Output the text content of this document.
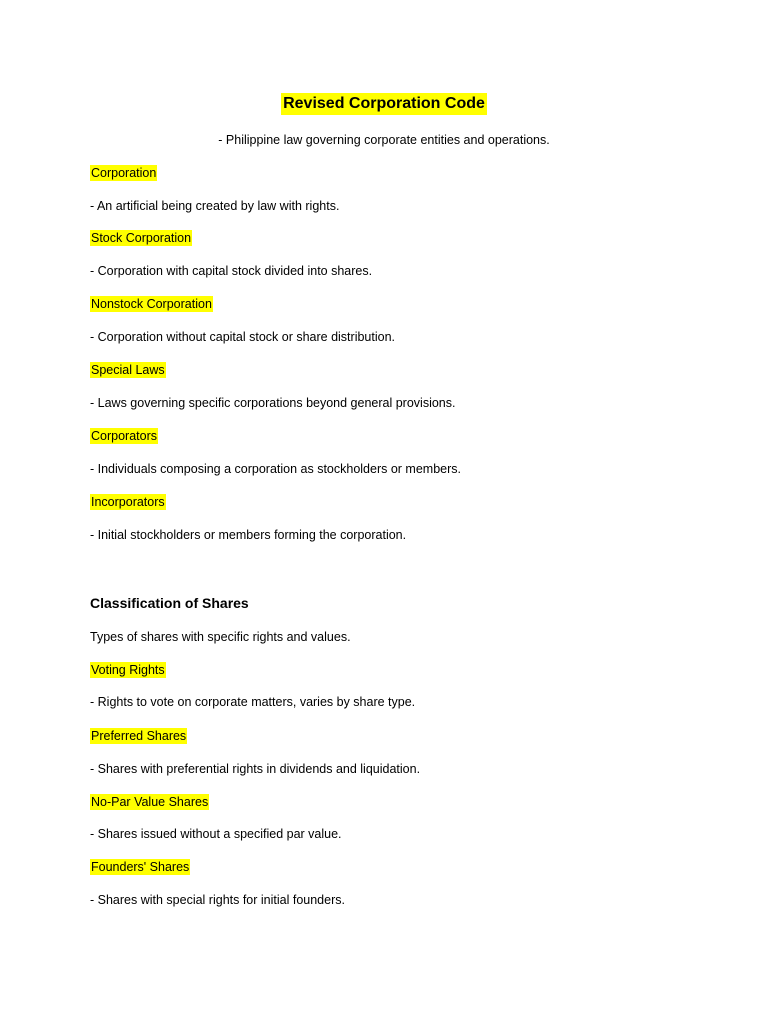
Revised Corporation Code
- Philippine law governing corporate entities and operations.
Corporation
- An artificial being created by law with rights.
Stock Corporation
- Corporation with capital stock divided into shares.
Nonstock Corporation
- Corporation without capital stock or share distribution.
Special Laws
- Laws governing specific corporations beyond general provisions.
Corporators
- Individuals composing a corporation as stockholders or members.
Incorporators
- Initial stockholders or members forming the corporation.
Classification of Shares
Types of shares with specific rights and values.
Voting Rights
- Rights to vote on corporate matters, varies by share type.
Preferred Shares
- Shares with preferential rights in dividends and liquidation.
No-Par Value Shares
- Shares issued without a specified par value.
Founders' Shares
- Shares with special rights for initial founders.
